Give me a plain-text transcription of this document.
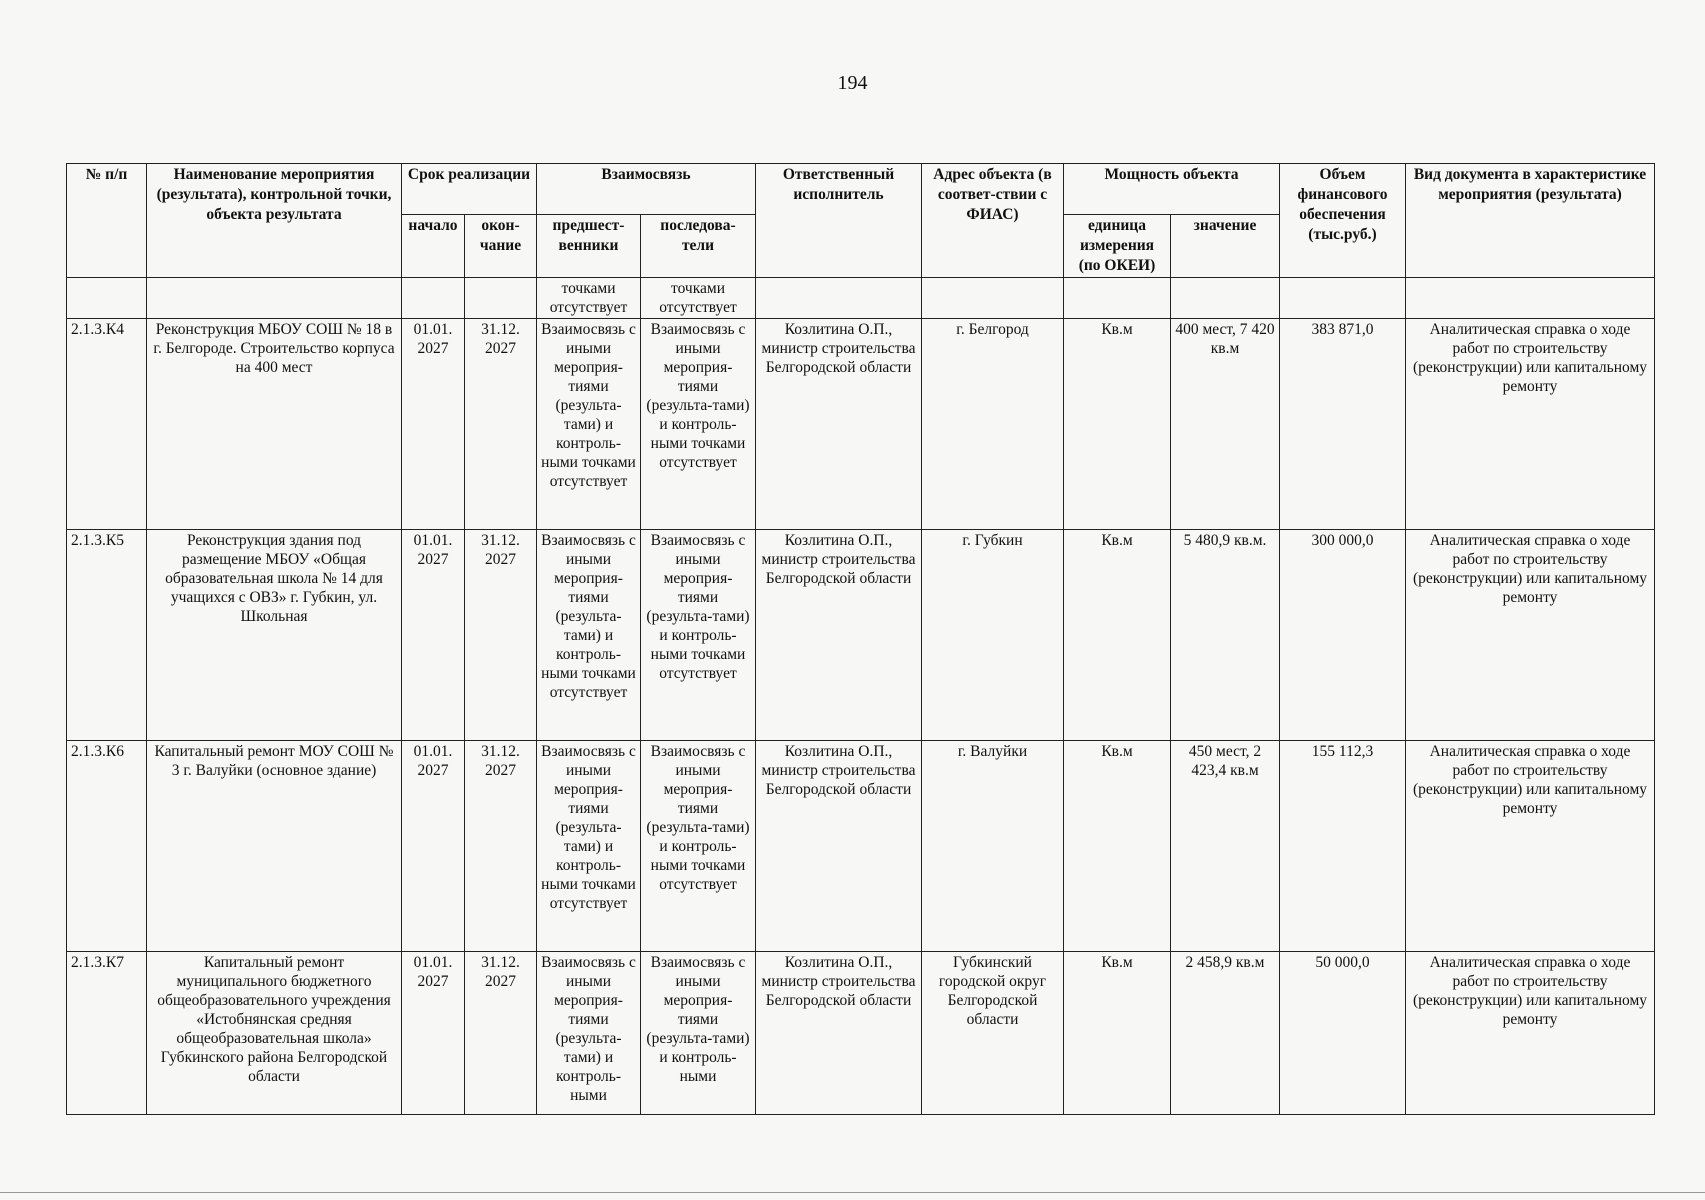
194
№ п/п	Наименование мероприятия (результата), контрольной точки, объекта результата	Срок реализации		Взаимосвязь		Ответственный исполнитель	Адрес объекта (в соответ-ствии с ФИАС)	Мощность объекта		Объем финансового обеспечения (тыс.руб.)	Вид документа в характеристике мероприятия (результата)
		начало	окон-чание	предшест-венники	последова-тели			единица измерения (по ОКЕИ)	значение		
				точками отсутствует	точками отсутствует						
2.1.3.К4	Реконструкция МБОУ СОШ № 18 в г. Белгороде. Строительство корпуса на 400 мест	01.01. 2027	31.12. 2027	Взаимосвязь с иными мероприя-тиями (результа-тами) и контроль-ными точками отсутствует	Взаимосвязь с иными мероприя-тиями (результа-тами) и контроль-ными точками отсутствует	Козлитина О.П., министр строительства Белгородской области	г. Белгород	Кв.м	400 мест, 7 420 кв.м	383 871,0	Аналитическая справка о ходе работ по строительству (реконструкции) или капитальному ремонту
2.1.3.К5	Реконструкция здания под размещение МБОУ «Общая образовательная школа № 14 для учащихся с ОВЗ» г. Губкин, ул. Школьная	01.01. 2027	31.12. 2027	Взаимосвязь с иными мероприя-тиями (результа-тами) и контроль-ными точками отсутствует	Взаимосвязь с иными мероприя-тиями (результа-тами) и контроль-ными точками отсутствует	Козлитина О.П., министр строительства Белгородской области	г. Губкин	Кв.м	5 480,9 кв.м.	300 000,0	Аналитическая справка о ходе работ по строительству (реконструкции) или капитальному ремонту
2.1.3.К6	Капитальный ремонт МОУ СОШ № 3 г. Валуйки (основное здание)	01.01. 2027	31.12. 2027	Взаимосвязь с иными мероприя-тиями (результа-тами) и контроль-ными точками отсутствует	Взаимосвязь с иными мероприя-тиями (результа-тами) и контроль-ными точками отсутствует	Козлитина О.П., министр строительства Белгородской области	г. Валуйки	Кв.м	450 мест, 2 423,4 кв.м	155 112,3	Аналитическая справка о ходе работ по строительству (реконструкции) или капитальному ремонту
2.1.3.К7	Капитальный ремонт муниципального бюджетного общеобразовательного учреждения «Истобнянская средняя общеобразовательная школа» Губкинского района Белгородской области	01.01. 2027	31.12. 2027	Взаимосвязь с иными мероприя-тиями (результа-тами) и контроль-ными	Взаимосвязь с иными мероприя-тиями (результа-тами) и контроль-ными	Козлитина О.П., министр строительства Белгородской области	Губкинский городской округ Белгородской области	Кв.м	2 458,9 кв.м	50 000,0	Аналитическая справка о ходе работ по строительству (реконструкции) или капитальному ремонту
